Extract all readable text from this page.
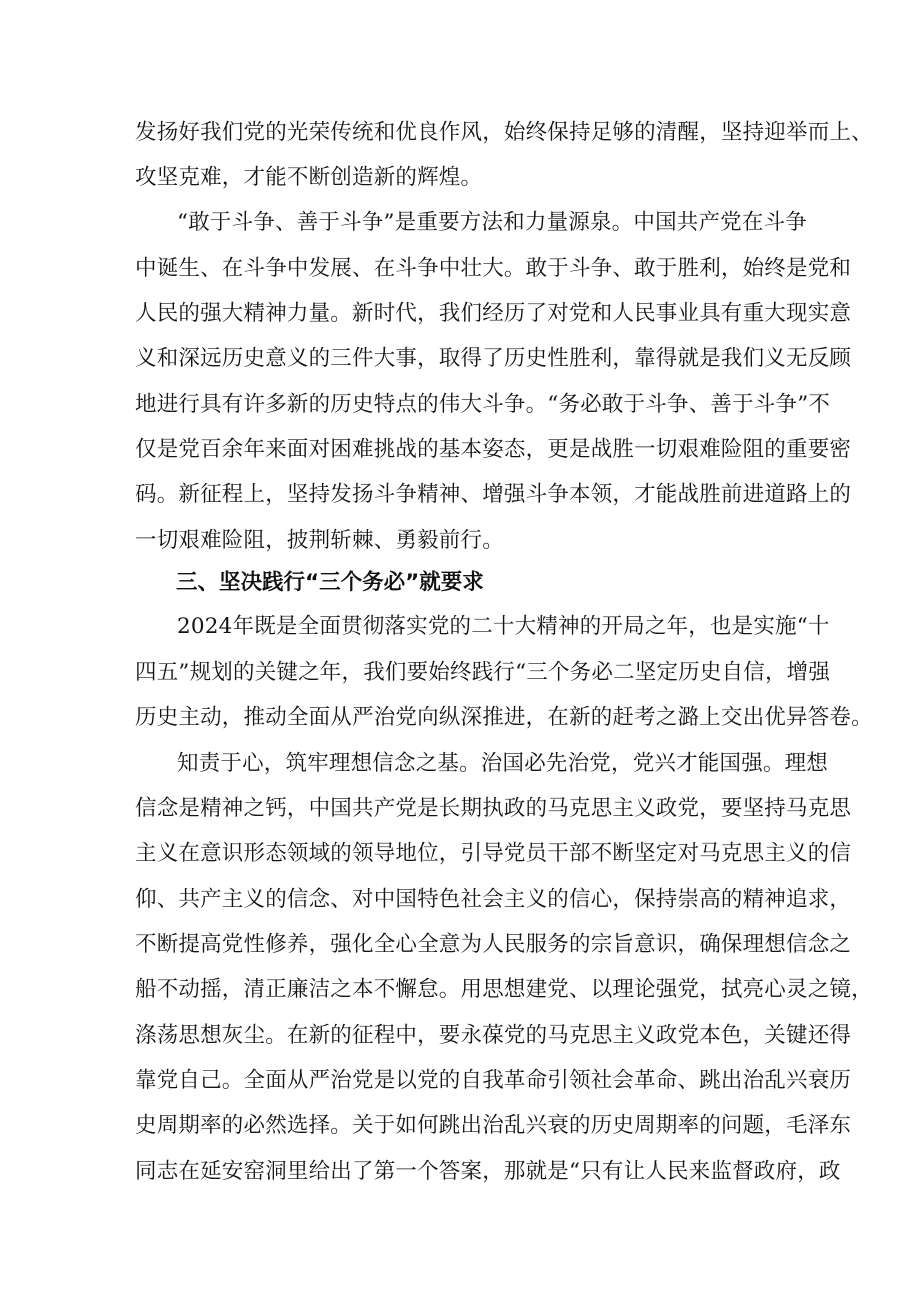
发扬好我们党的光荣传统和优良作风，始终保持足够的清醒，坚持迎举而上、
攻坚克难，才能不断创造新的辉煌。
“敢于斗争、善于斗争”是重要方法和力量源泉。中国共产党在斗争
中诞生、在斗争中发展、在斗争中壮大。敢于斗争、敢于胜利，始终是党和
人民的强大精神力量。新时代，我们经历了对党和人民事业具有重大现实意
义和深远历史意义的三件大事，取得了历史性胜利，靠得就是我们义无反顾
地进行具有许多新的历史特点的伟大斗争。“务必敢于斗争、善于斗争”不
仅是党百余年来面对困难挑战的基本姿态，更是战胜一切艰难险阻的重要密
码。新征程上，坚持发扬斗争精神、增强斗争本领，才能战胜前进道路上的
一切艰难险阻，披荆斩棘、勇毅前行。
三、坚决践行“三个务必”就要求
2024年既是全面贯彻落实党的二十大精神的开局之年，也是实施“十
四五”规划的关键之年，我们要始终践行“三个务必二坚定历史自信，增强
历史主动，推动全面从严治党向纵深推进，在新的赶考之潞上交出优异答卷。
知责于心，筑牢理想信念之基。治国必先治党，党兴才能国强。理想
信念是精神之钙，中国共产党是长期执政的马克思主义政党，要坚持马克思
主义在意识形态领域的领导地位，引导党员干部不断坚定对马克思主义的信
仰、共产主义的信念、对中国特色社会主义的信心，保持崇高的精神追求，
不断提高党性修养，强化全心全意为人民服务的宗旨意识，确保理想信念之
船不动摇，清正廉洁之本不懈怠。用思想建党、以理论强党，拭亮心灵之镜，
涤荡思想灰尘。在新的征程中，要永葆党的马克思主义政党本色，关键还得
靠党自己。全面从严治党是以党的自我革命引领社会革命、跳出治乱兴衰历
史周期率的必然选择。关于如何跳出治乱兴衰的历史周期率的问题，毛泽东
同志在延安窑洞里给出了第一个答案，那就是“只有让人民来监督政府，政
